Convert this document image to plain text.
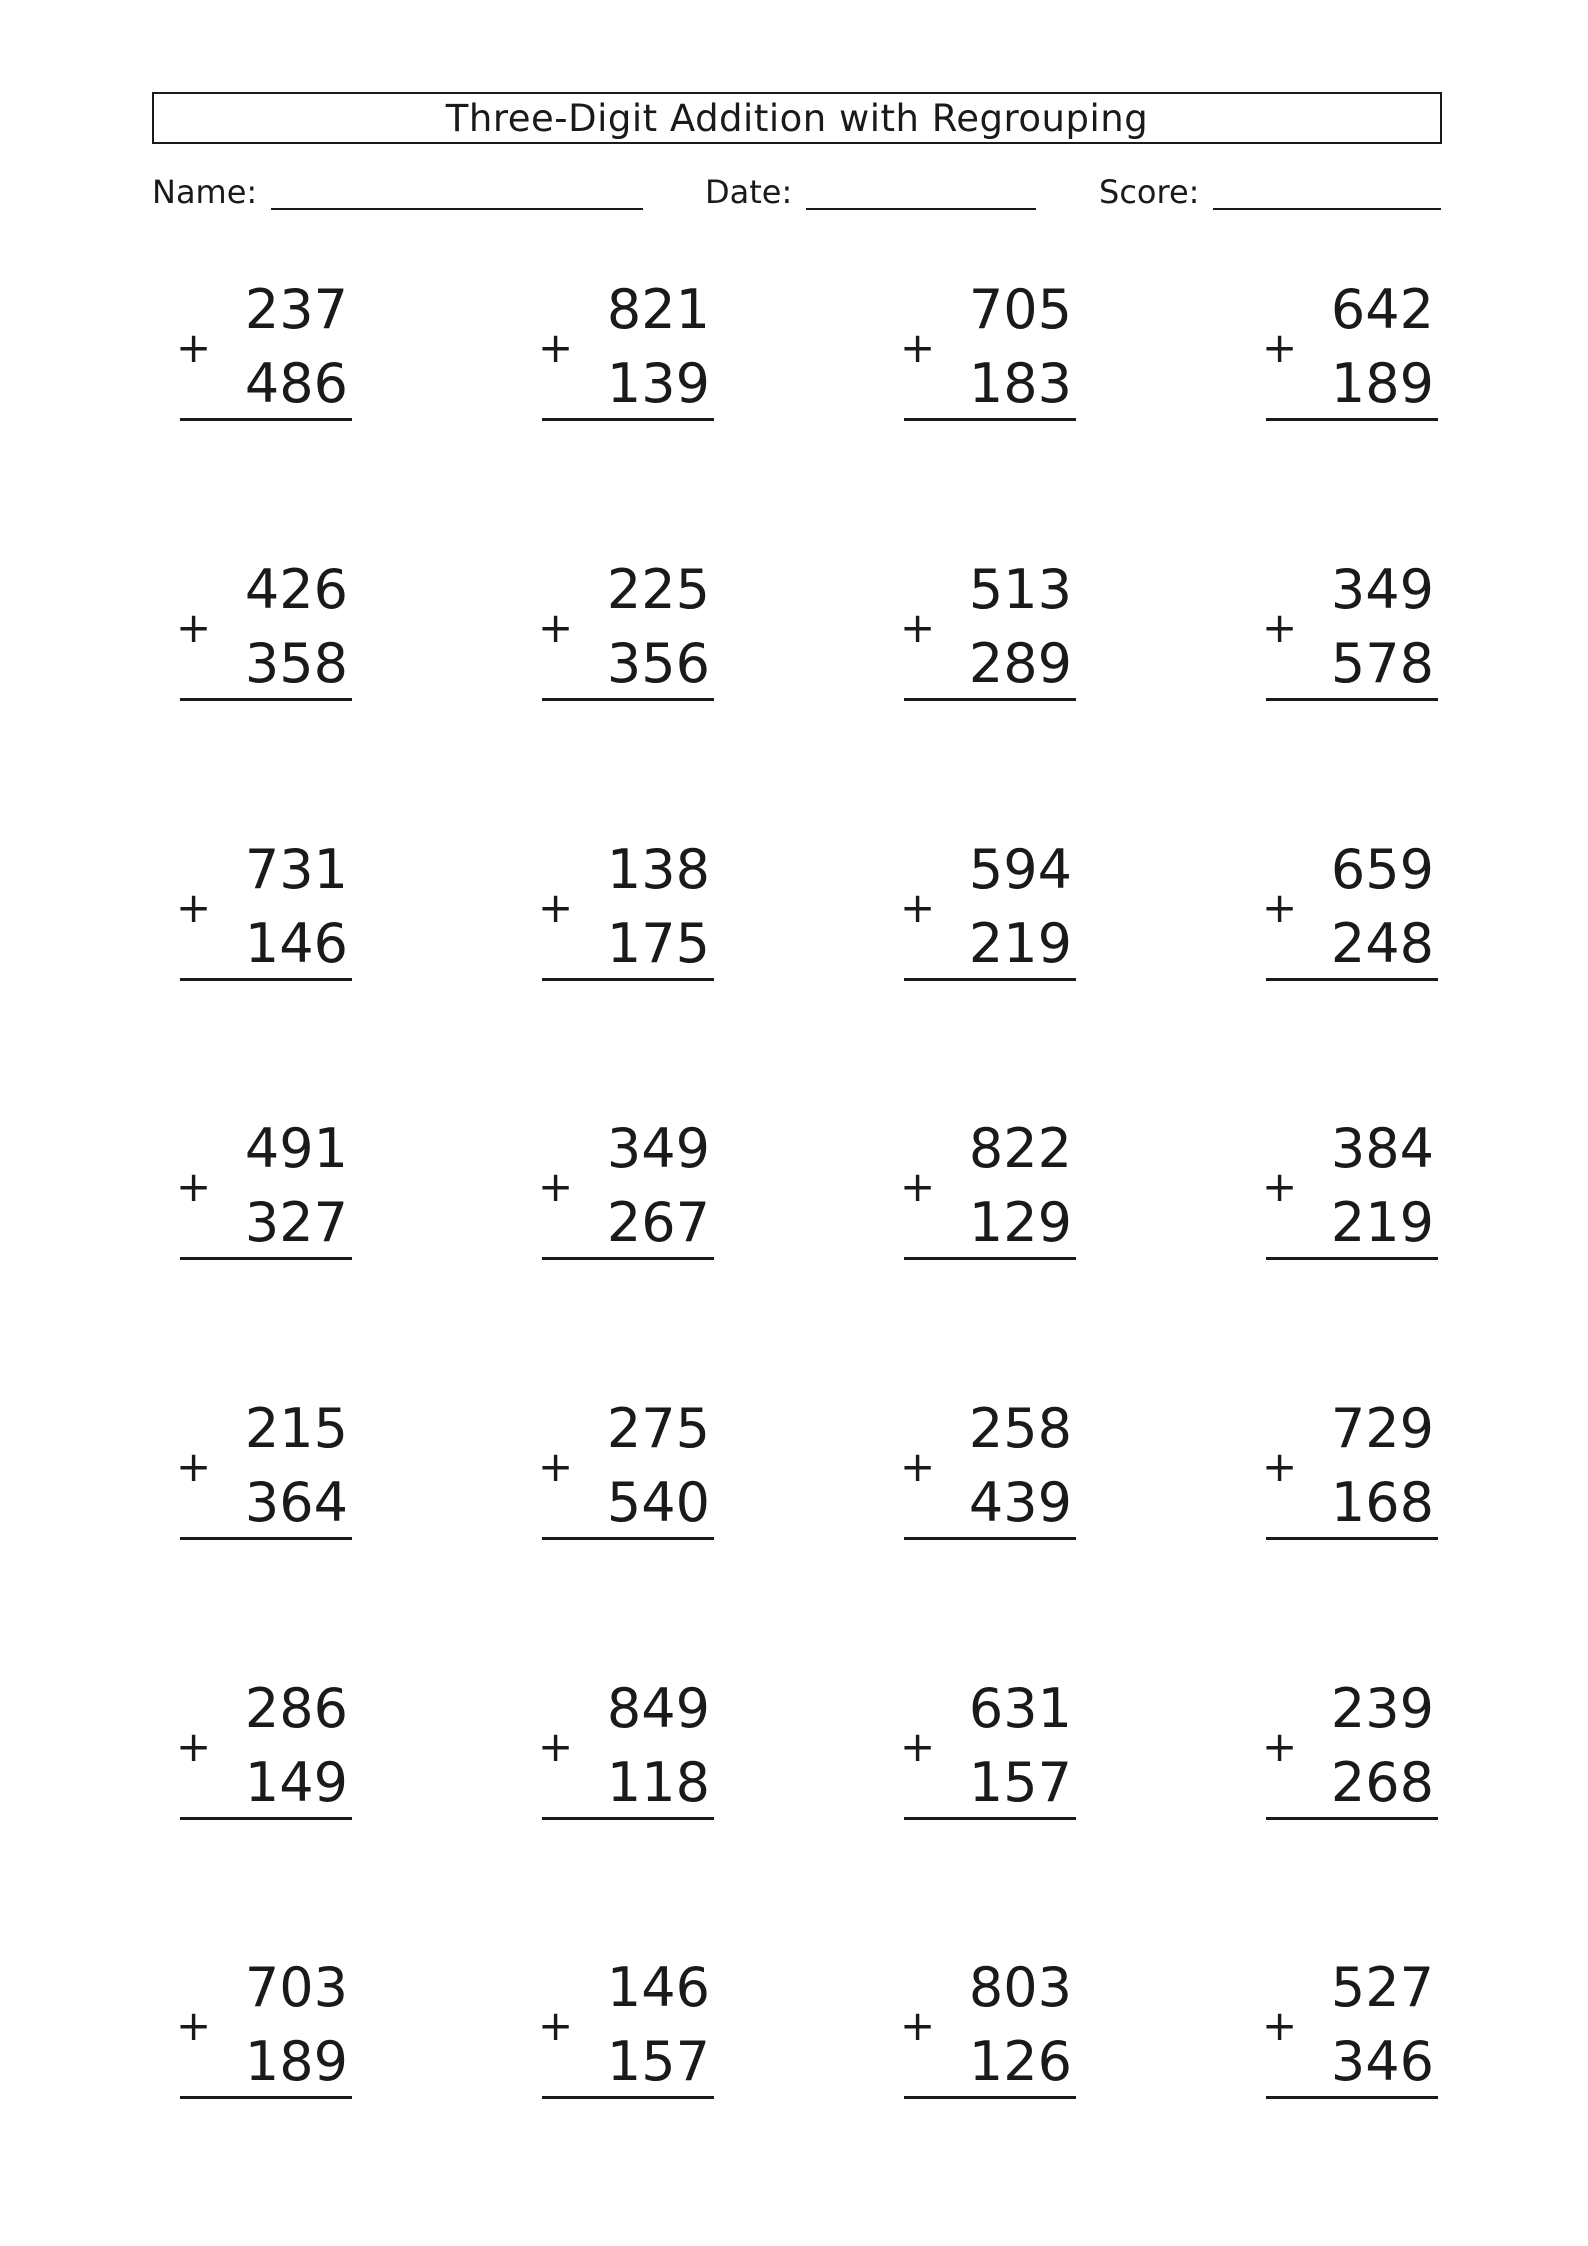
Three-Digit Addition with Regrouping
Name:	Date:	Score:
237
+
486
821
+
139
705
+
183
642
+
189
426
+
358
225
+
356
513
+
289
349
+
578
731
+
146
138
+
175
594
+
219
659
+
248
491
+
327
349
+
267
822
+
129
384
+
219
215
+
364
275
+
540
258
+
439
729
+
168
286
+
149
849
+
118
631
+
157
239
+
268
703
+
189
146
+
157
803
+
126
527
+
346
